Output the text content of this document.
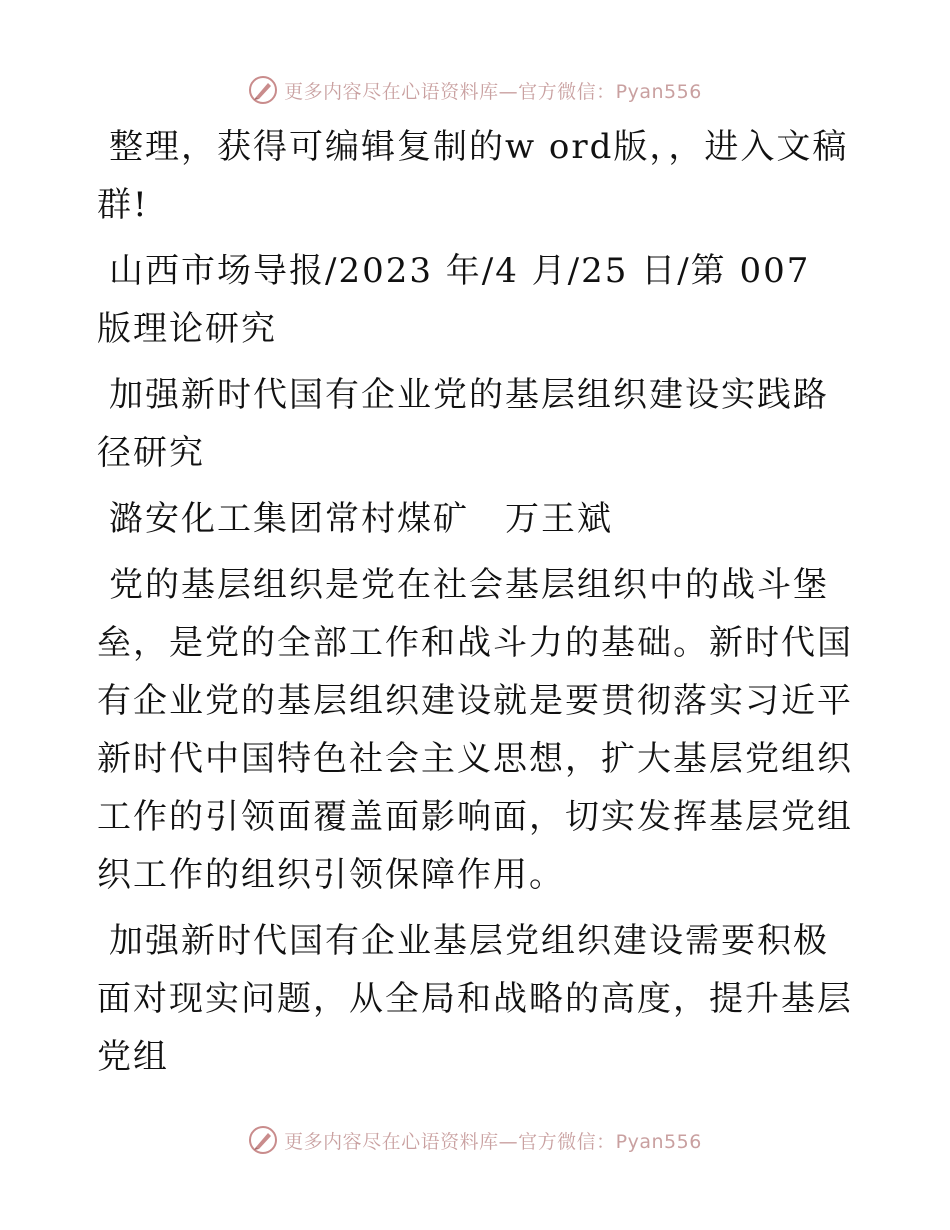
更多内容尽在心语资料库—官方微信：Pyan556

整理，获得可编辑复制的w ord版，，进入文稿群!

山西市场导报/2023 年/4 月/25 日/第 007 版理论研究

加强新时代国有企业党的基层组织建设实践路径研究

潞安化工集团常村煤矿　万王斌

党的基层组织是党在社会基层组织中的战斗堡垒，是党的全部工作和战斗力的基础。新时代国有企业党的基层组织建设就是要贯彻落实习近平新时代中国特色社会主义思想，扩大基层党组织工作的引领面覆盖面影响面，切实发挥基层党组织工作的组织引领保障作用。

加强新时代国有企业基层党组织建设需要积极面对现实问题，从全局和战略的高度，提升基层党组

更多内容尽在心语资料库—官方微信：Pyan556
